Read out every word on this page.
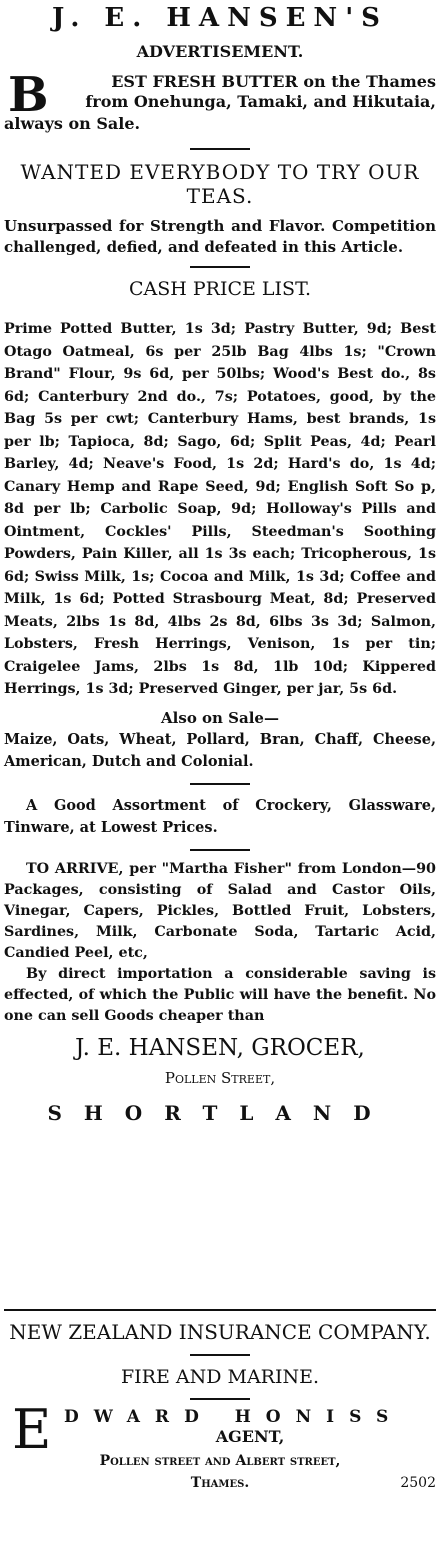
J. E. HANSEN'S

ADVERTISEMENT.

B	EST FRESH BUTTER on the Thames

from Onehunga, Tamaki, and Hikutaia,

always on Sale.

WANTED EVERYBODY TO TRY OUR TEAS.

Unsurpassed for Strength and Flavor. Competition challenged, defied, and defeated in this Article.

CASH PRICE LIST.

Prime Potted Butter, 1s 3d; Pastry Butter, 9d; Best Otago Oatmeal, 6s per 25lb Bag 4lbs 1s; "Crown Brand" Flour, 9s 6d, per 50lbs; Wood's Best do., 8s 6d; Canterbury 2nd do., 7s; Potatoes, good, by the Bag 5s per cwt; Canterbury Hams, best brands, 1s per lb; Tapioca, 8d; Sago, 6d; Split Peas, 4d; Pearl Barley, 4d; Neave's Food, 1s 2d; Hard's do, 1s 4d; Canary Hemp and Rape Seed, 9d; English Soft So p, 8d per lb; Carbolic Soap, 9d; Holloway's Pills and Ointment, Cockles' Pills, Steedman's Soothing Powders, Pain Killer, all 1s 3s each; Tricopherous, 1s 6d; Swiss Milk, 1s; Cocoa and Milk, 1s 3d; Coffee and Milk, 1s 6d; Potted Strasbourg Meat, 8d; Preserved Meats, 2lbs 1s 8d, 4lbs 2s 8d, 6lbs 3s 3d; Salmon, Lobsters, Fresh Herrings, Venison, 1s per tin; Craigelee Jams, 2lbs 1s 8d, 1lb 10d; Kippered Herrings, 1s 3d; Preserved Ginger, per jar, 5s 6d.

Also on Sale—

Maize, Oats, Wheat, Pollard, Bran, Chaff, Cheese, American, Dutch and Colonial.

A Good Assortment of Crockery, Glassware, Tinware, at Lowest Prices.

TO ARRIVE, per "Martha Fisher" from London—90 Packages, consisting of Salad and Castor Oils, Vinegar, Capers, Pickles, Bottled Fruit, Lobsters, Sardines, Milk, Carbonate Soda, Tartaric Acid, Candied Peel, etc,

By direct importation a considerable saving is effected, of which the Public will have the benefit. No one can sell Goods cheaper than

J. E. HANSEN, GROCER,

Pollen Street,

SHORTLAND

NEW ZEALAND INSURANCE COMPANY.

FIRE AND MARINE.

E DWARD HONISS

AGENT,

Pollen street and Albert street,

Thames.	2502
